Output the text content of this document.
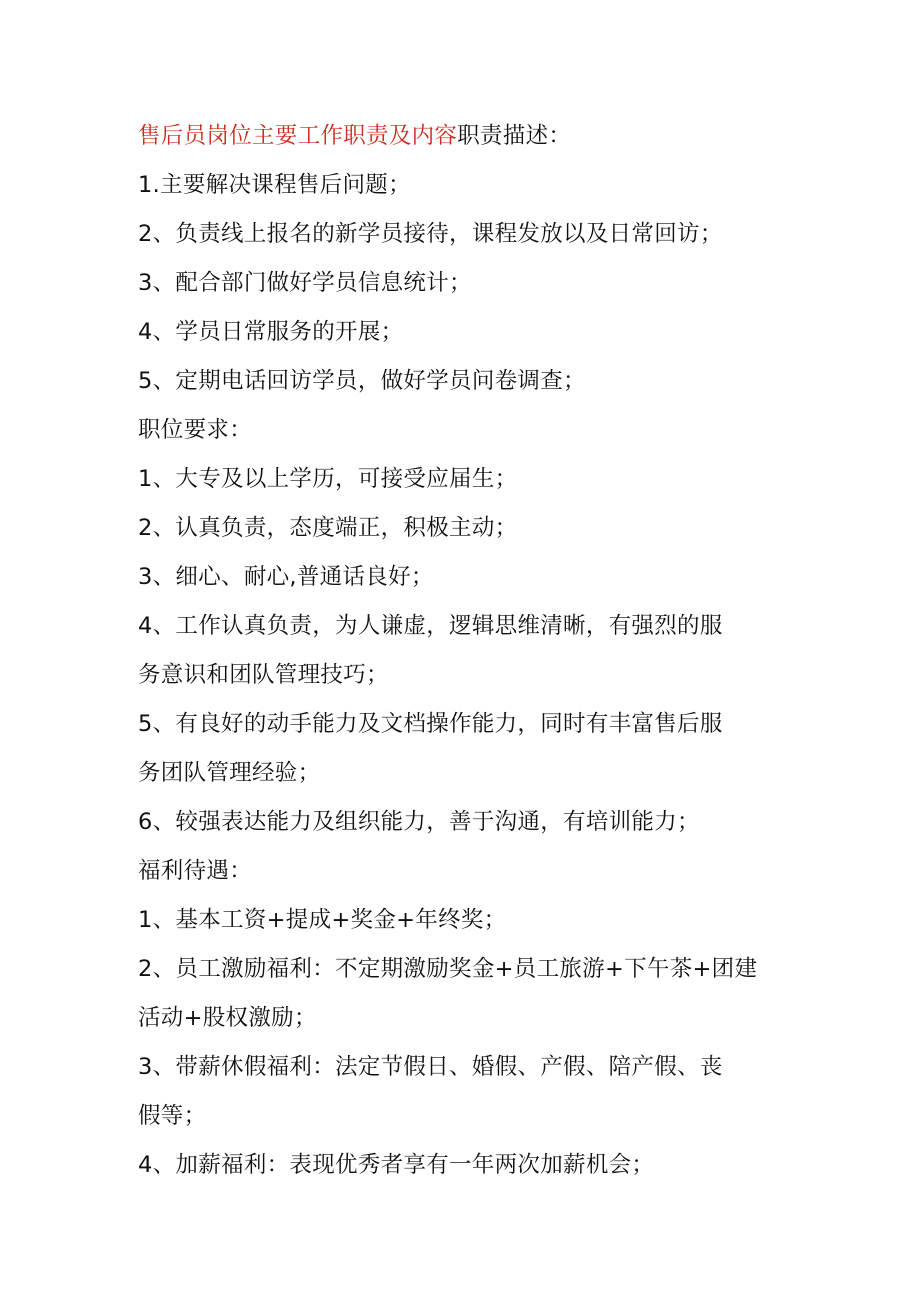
售后员岗位主要工作职责及内容职责描述：
1.主要解决课程售后问题；
2、负责线上报名的新学员接待，课程发放以及日常回访；
3、配合部门做好学员信息统计；
4、学员日常服务的开展；
5、定期电话回访学员，做好学员问卷调查；
职位要求：
1、大专及以上学历，可接受应届生；
2、认真负责，态度端正，积极主动；
3、细心、耐心,普通话良好；
4、工作认真负责，为人谦虚，逻辑思维清晰，有强烈的服
务意识和团队管理技巧；
5、有良好的动手能力及文档操作能力，同时有丰富售后服
务团队管理经验；
6、较强表达能力及组织能力，善于沟通，有培训能力；
福利待遇：
1、基本工资+提成+奖金+年终奖；
2、员工激励福利：不定期激励奖金+员工旅游+下午茶+团建
活动+股权激励；
3、带薪休假福利：法定节假日、婚假、产假、陪产假、丧
假等；
4、加薪福利：表现优秀者享有一年两次加薪机会；
